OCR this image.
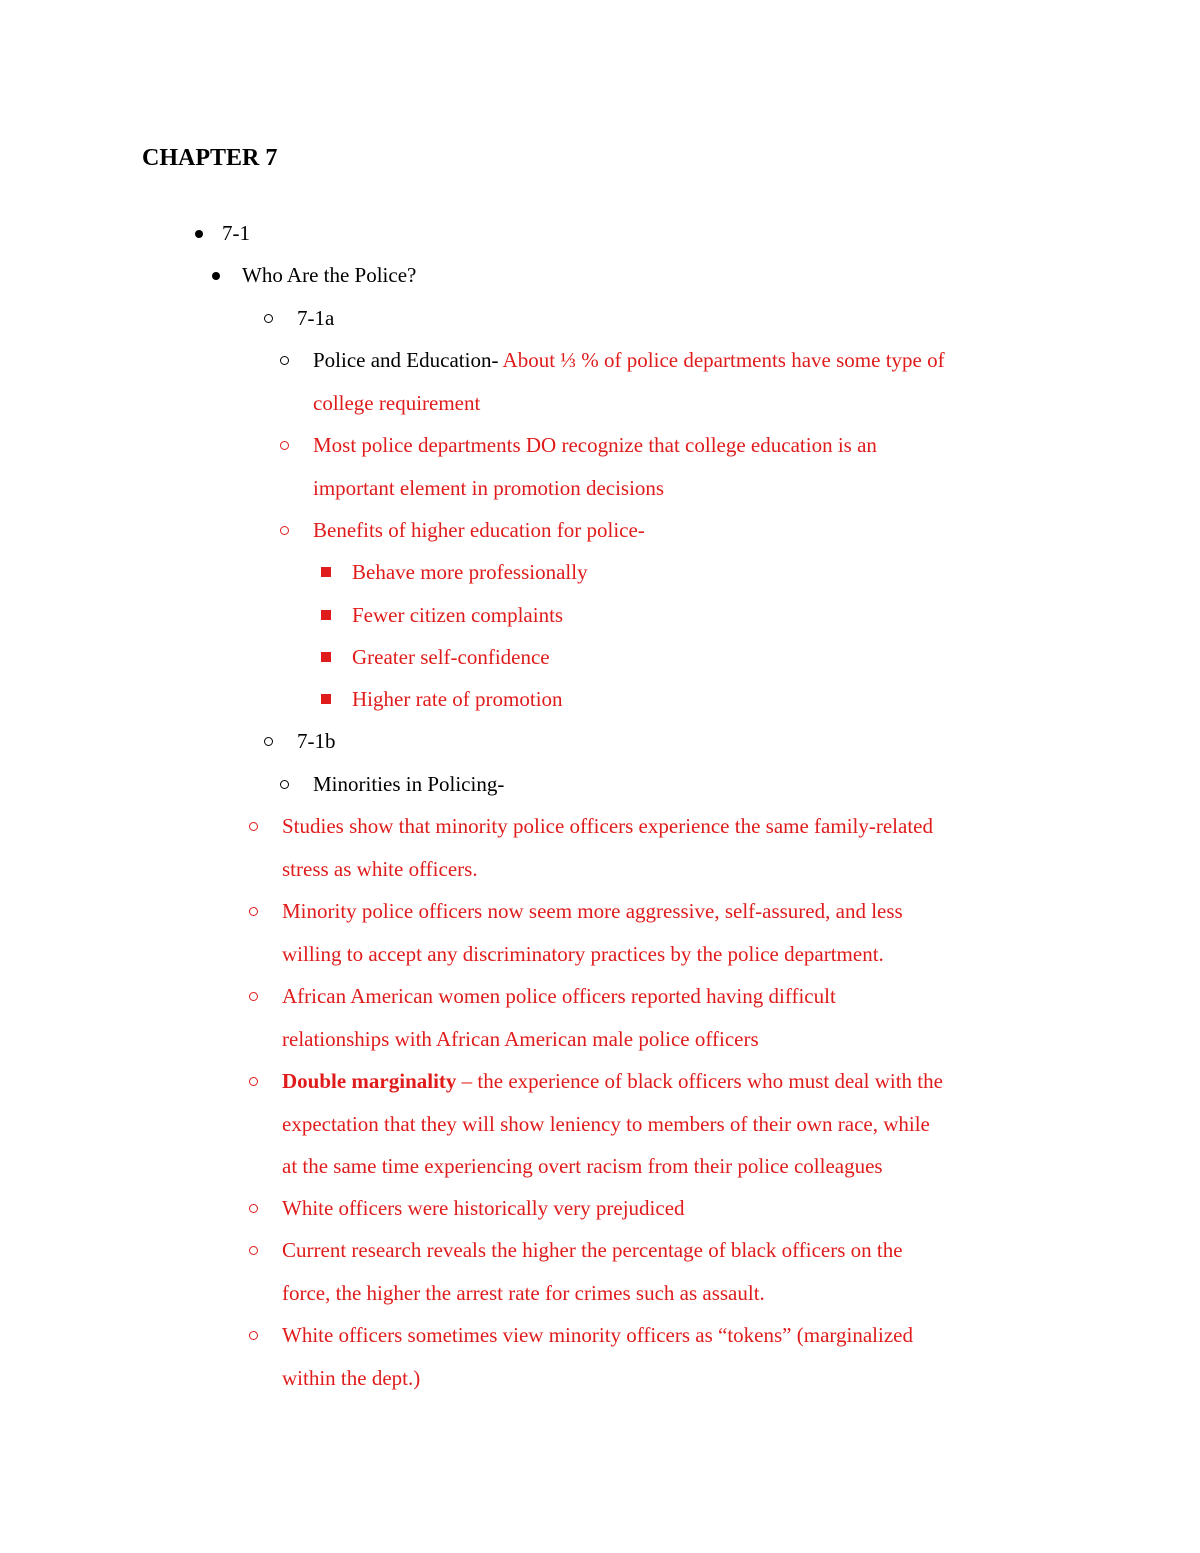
CHAPTER 7
7-1
Who Are the Police?
7-1a
Police and Education- About ⅓ % of police departments have some type of
college requirement
Most police departments DO recognize that college education is an
important element in promotion decisions
Benefits of higher education for police-
Behave more professionally
Fewer citizen complaints
Greater self-confidence
Higher rate of promotion
7-1b
Minorities in Policing-
Studies show that minority police officers experience the same family-related
stress as white officers.
Minority police officers now seem more aggressive, self-assured, and less
willing to accept any discriminatory practices by the police department.
African American women police officers reported having difficult
relationships with African American male police officers
Double marginality – the experience of black officers who must deal with the
expectation that they will show leniency to members of their own race, while
at the same time experiencing overt racism from their police colleagues
White officers were historically very prejudiced
Current research reveals the higher the percentage of black officers on the
force, the higher the arrest rate for crimes such as assault.
White officers sometimes view minority officers as “tokens” (marginalized
within the dept.)
